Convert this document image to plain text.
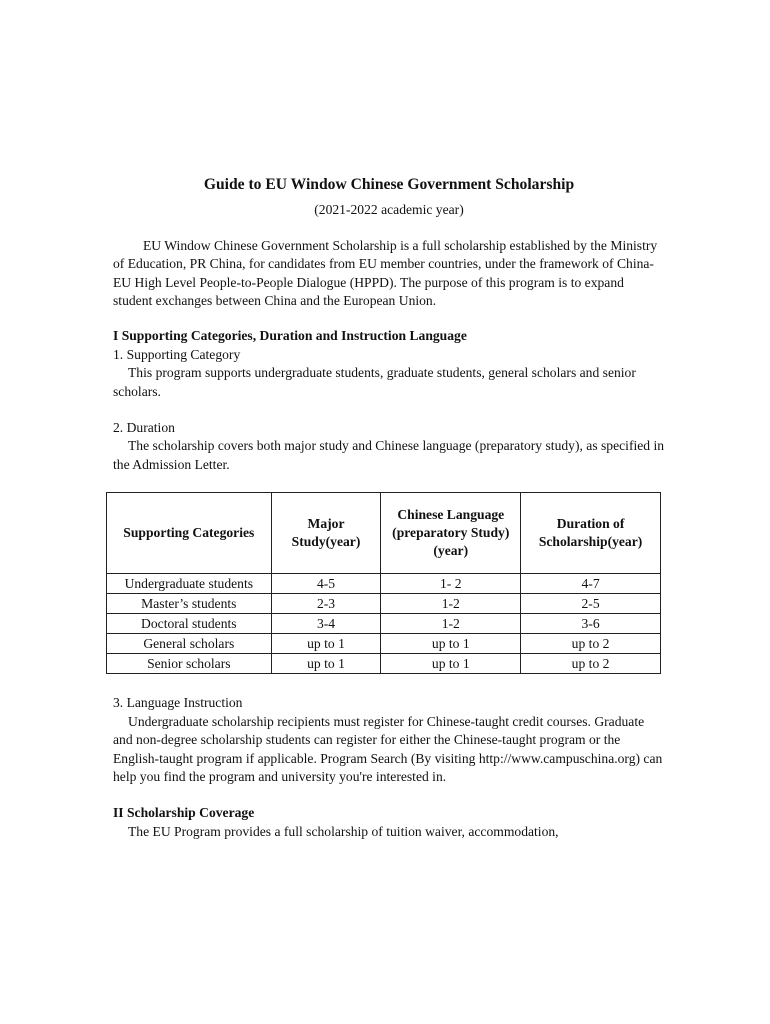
Guide to EU Window Chinese Government Scholarship

(2021-2022 academic year)

EU Window Chinese Government Scholarship is a full scholarship established by the Ministry of Education, PR China, for candidates from EU member countries, under the framework of China-EU High Level People-to-People Dialogue (HPPD). The purpose of this program is to expand student exchanges between China and the European Union.

I Supporting Categories, Duration and Instruction Language

1. Supporting Category

This program supports undergraduate students, graduate students, general scholars and senior scholars.

2. Duration

The scholarship covers both major study and Chinese language (preparatory study), as specified in the Admission Letter.

Supporting Categories	Major Study(year)	Chinese Language (preparatory Study)(year)	Duration of Scholarship(year)
Undergraduate students	4-5	1- 2	4-7
Master’s students	2-3	1-2	2-5
Doctoral students	3-4	1-2	3-6
General scholars	up to 1	up to 1	up to 2
Senior scholars	up to 1	up to 1	up to 2

3. Language Instruction

Undergraduate scholarship recipients must register for Chinese-taught credit courses. Graduate and non-degree scholarship students can register for either the Chinese-taught program or the English-taught program if applicable. Program Search (By visiting http://www.campuschina.org) can help you find the program and university you're interested in.

II Scholarship Coverage

The EU Program provides a full scholarship of tuition waiver, accommodation,
